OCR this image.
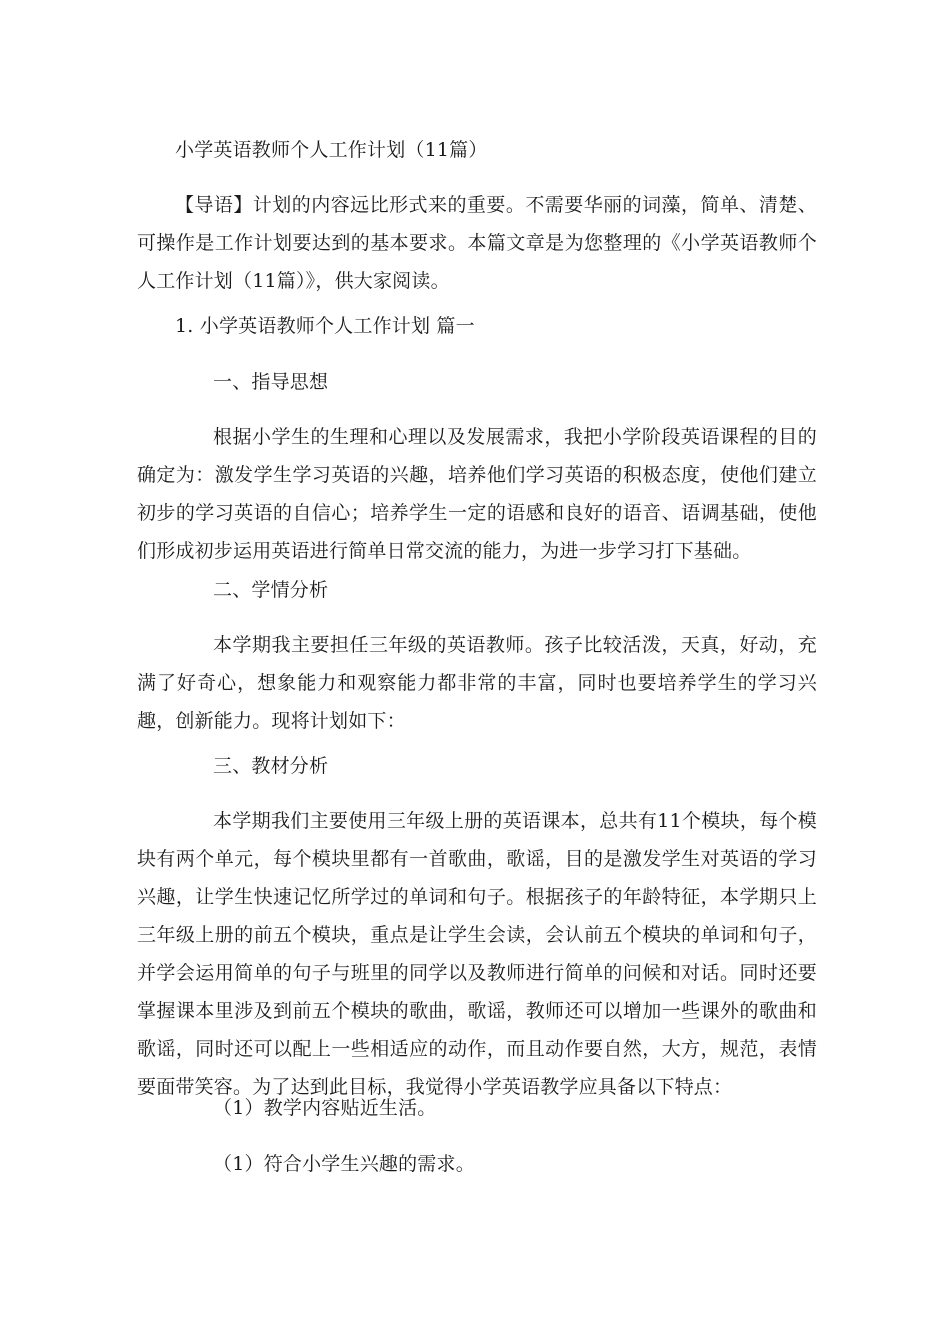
小学英语教师个人工作计划（11篇）
【导语】计划的内容远比形式来的重要。不需要华丽的词藻，简单、清楚、可操作是工作计划要达到的基本要求。本篇文章是为您整理的《小学英语教师个人工作计划（11篇）》，供大家阅读。
1. 小学英语教师个人工作计划 篇一
一、指导思想
根据小学生的生理和心理以及发展需求，我把小学阶段英语课程的目的确定为：激发学生学习英语的兴趣，培养他们学习英语的积极态度，使他们建立初步的学习英语的自信心；培养学生一定的语感和良好的语音、语调基础，使他们形成初步运用英语进行简单日常交流的能力，为进一步学习打下基础。
二、学情分析
本学期我主要担任三年级的英语教师。孩子比较活泼，天真，好动，充满了好奇心，想象能力和观察能力都非常的丰富，同时也要培养学生的学习兴趣，创新能力。现将计划如下：
三、教材分析
本学期我们主要使用三年级上册的英语课本，总共有11个模块，每个模块有两个单元，每个模块里都有一首歌曲，歌谣，目的是激发学生对英语的学习兴趣，让学生快速记忆所学过的单词和句子。根据孩子的年龄特征，本学期只上三年级上册的前五个模块，重点是让学生会读，会认前五个模块的单词和句子，并学会运用简单的句子与班里的同学以及教师进行简单的问候和对话。同时还要掌握课本里涉及到前五个模块的歌曲，歌谣，教师还可以增加一些课外的歌曲和歌谣，同时还可以配上一些相适应的动作，而且动作要自然，大方，规范，表情要面带笑容。为了达到此目标，我觉得小学英语教学应具备以下特点：
（1）教学内容贴近生活。
（1）符合小学生兴趣的需求。
